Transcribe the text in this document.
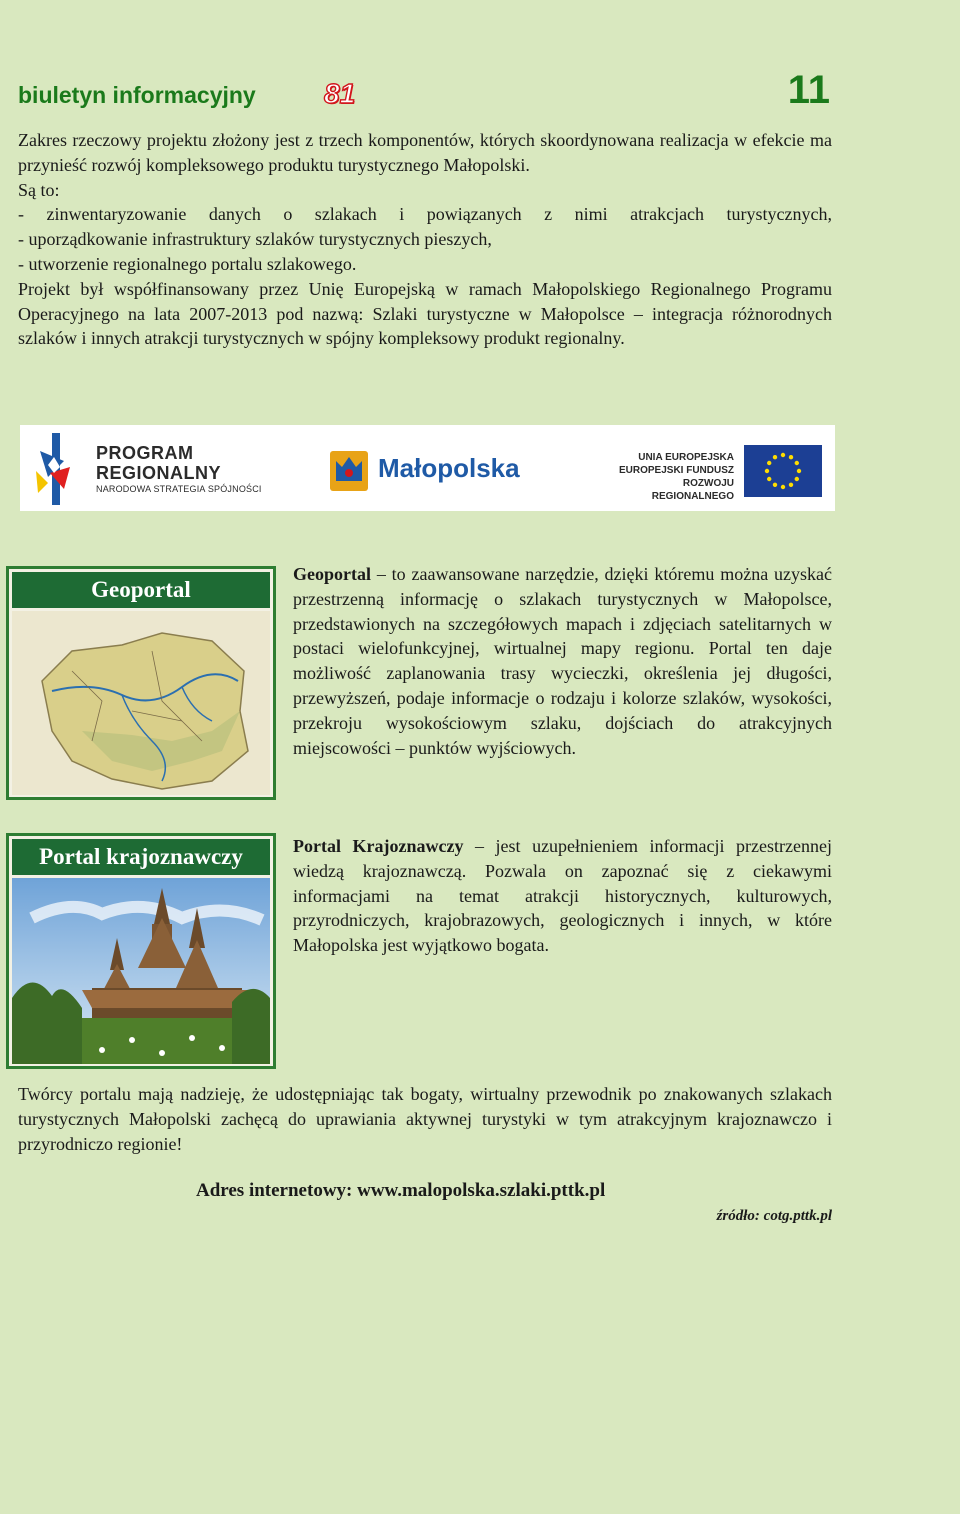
biuletyn informacyjny 81	11

Zakres rzeczowy projektu złożony jest z trzech komponentów, których skoordynowana realizacja w efekcie ma przynieść rozwój kompleksowego produktu turystycznego Małopolski.

Są to:

- zinwentaryzowanie danych o szlakach i powiązanych z nimi atrakcjach turystycznych,

- uporządkowanie infrastruktury szlaków turystycznych pieszych,

- utworzenie regionalnego portalu szlakowego.

Projekt był współfinansowany przez Unię Europejską w ramach Małopolskiego Regionalnego Programu Operacyjnego na lata 2007-2013 pod nazwą: Szlaki turystyczne w Małopolsce – integracja różnorodnych szlaków i innych atrakcji turystycznych w spójny kompleksowy produkt regionalny.

PROGRAM
REGIONALNY
NARODOWA STRATEGIA SPÓJNOŚCI
Małopolska	UNIA EUROPEJSKA
EUROPEJSKI FUNDUSZ
ROZWOJU REGIONALNEGO
Geoportal
Geoportal – to zaawansowane narzędzie, dzięki któremu można uzyskać przestrzenną informację o szlakach turystycznych w Małopolsce, przedstawionych na szczegółowych mapach i zdjęciach satelitarnych w postaci wielofunkcyjnej, wirtualnej mapy regionu. Portal ten daje możliwość zaplanowania trasy wycieczki, określenia jej długości, przewyższeń, podaje informacje o rodzaju i kolorze szlaków, wysokości, przekroju wysokościowym szlaku, dojściach do atrakcyjnych miejscowości – punktów wyjściowych.
Portal krajoznawczy	Portal Krajoznawczy – jest uzupełnieniem informacji przestrzennej wiedzą krajoznawczą. Pozwala on zapoznać się z ciekawymi informacjami na temat atrakcji historycznych, kulturowych, przyrodniczych, krajobrazowych, geologicznych i innych, w które Małopolska jest wyjątkowo bogata.
Twórcy portalu mają nadzieję, że udostępniając tak bogaty, wirtualny przewodnik po znakowanych szlakach turystycznych Małopolski zachęcą do uprawiania aktywnej turystyki w tym atrakcyjnym krajoznawczo i przyrodniczo regionie!
Adres internetowy: www.malopolska.szlaki.pttk.pl
źródło: cotg.pttk.pl
